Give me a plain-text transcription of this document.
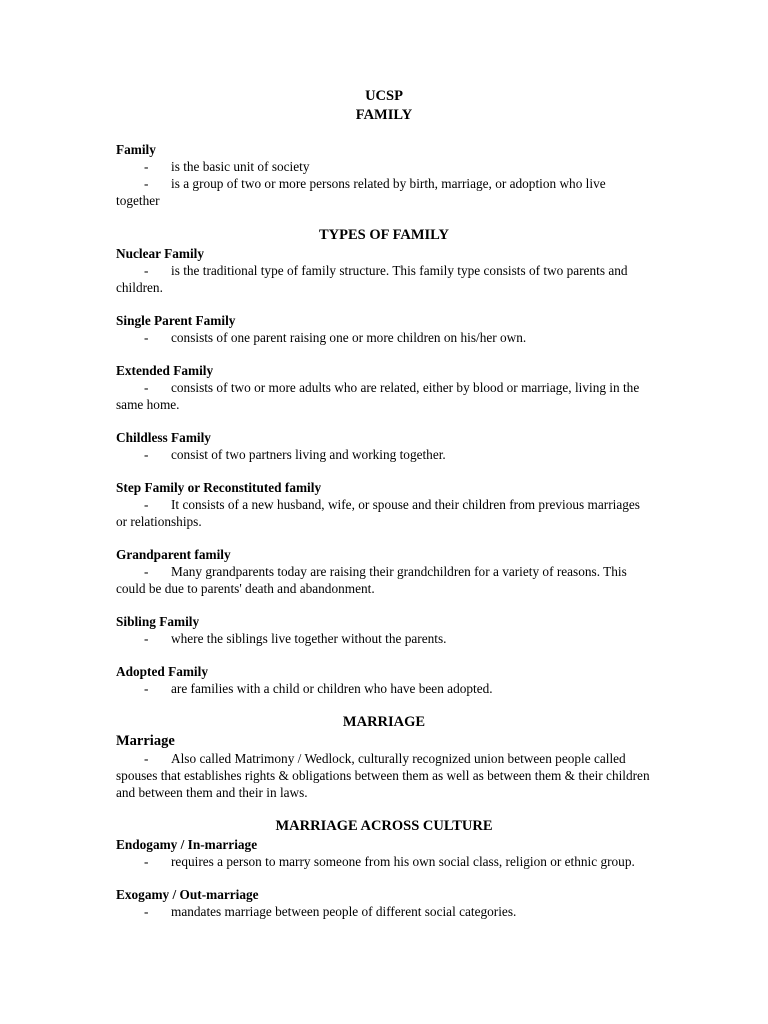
UCSP

FAMILY

Family

- is the basic unit of society

- is a group of two or more persons related by birth, marriage, or adoption who live together

TYPES OF FAMILY

Nuclear Family

- is the traditional type of family structure. This family type consists of two parents and children.

Single Parent Family

- consists of one parent raising one or more children on his/her own.

Extended Family

- consists of two or more adults who are related, either by blood or marriage, living in the same home.

Childless Family

- consist of two partners living and working together.

Step Family or Reconstituted family

- It consists of a new husband, wife, or spouse and their children from previous marriages or relationships.

Grandparent family

- Many grandparents today are raising their grandchildren for a variety of reasons. This could be due to parents' death and abandonment.

Sibling Family

- where the siblings live together without the parents.

Adopted Family

- are families with a child or children who have been adopted.

MARRIAGE

Marriage

- Also called Matrimony / Wedlock, culturally recognized union between people called spouses that establishes rights & obligations between them as well as between them & their children and between them and their in laws.

MARRIAGE ACROSS CULTURE

Endogamy / In-marriage

- requires a person to marry someone from his own social class, religion or ethnic group.

Exogamy / Out-marriage

- mandates marriage between people of different social categories.
